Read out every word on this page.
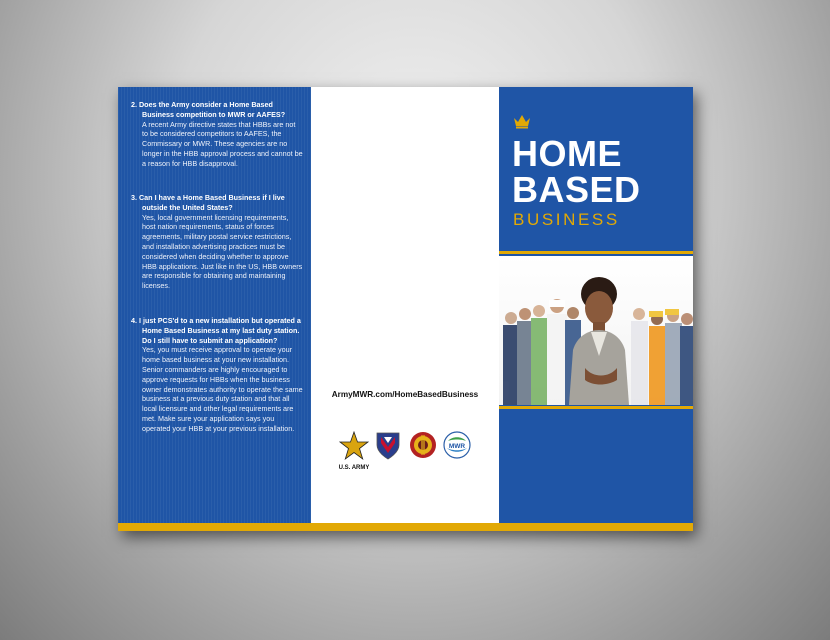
2. Does the Army consider a Home Based Business competition to MWR or AAFES?

A recent Army directive states that HBBs are not to be considered competitors to AAFES, the Commissary or MWR. These agencies are no longer in the HBB approval process and cannot be a reason for HBB disapproval.

3. Can I have a Home Based Business if I live outside the United States?

Yes, local government licensing requirements, host nation requirements, status of forces agreements, military postal service restrictions, and installation advertising practices must be considered when deciding whether to approve HBB applications. Just like in the US, HBB owners are responsible for obtaining and maintaining licenses.

4. I just PCS'd to a new installation but operated a Home Based Business at my last duty station. Do I still have to submit an application?

Yes, you must receive approval to operate your home based business at your new installation. Senior commanders are highly encouraged to approve requests for HBBs when the business owner demonstrates authority to operate the same business at a previous duty station and that all local licensure and other legal requirements are met. Make sure your application says you operated your HBB at your previous installation.

ArmyMWR.com/HomeBasedBusiness
U.S. ARMY
MWR
HOME
BASED
BUSINESS
